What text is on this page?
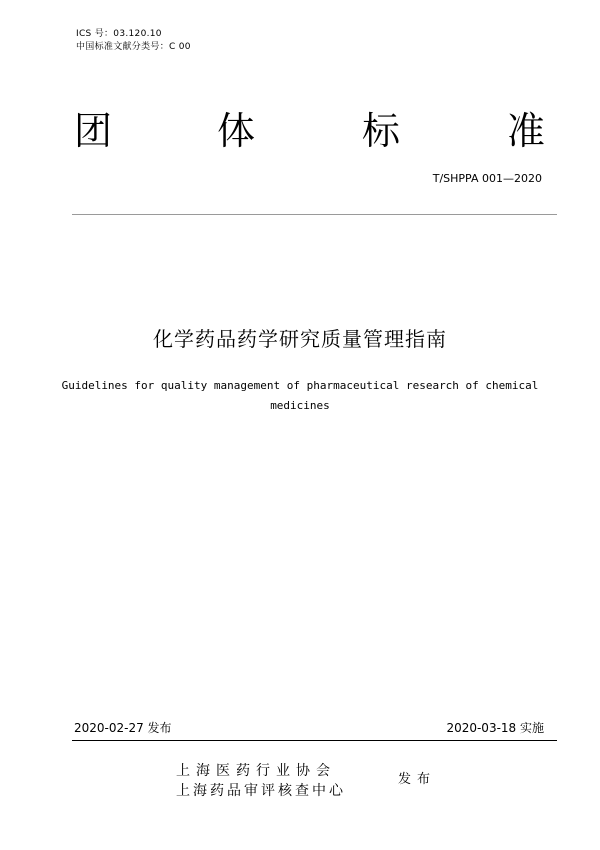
ICS 号：03.120.10
中国标准文献分类号：C 00
团	体	标	准
T/SHPPA 001—2020
化学药品药学研究质量管理指南
Guidelines for quality management of pharmaceutical research of chemical medicines
2020-02-27 发布	2020-03-18 实施
上海医药行业协会
上海药品审评核查中心
发布
